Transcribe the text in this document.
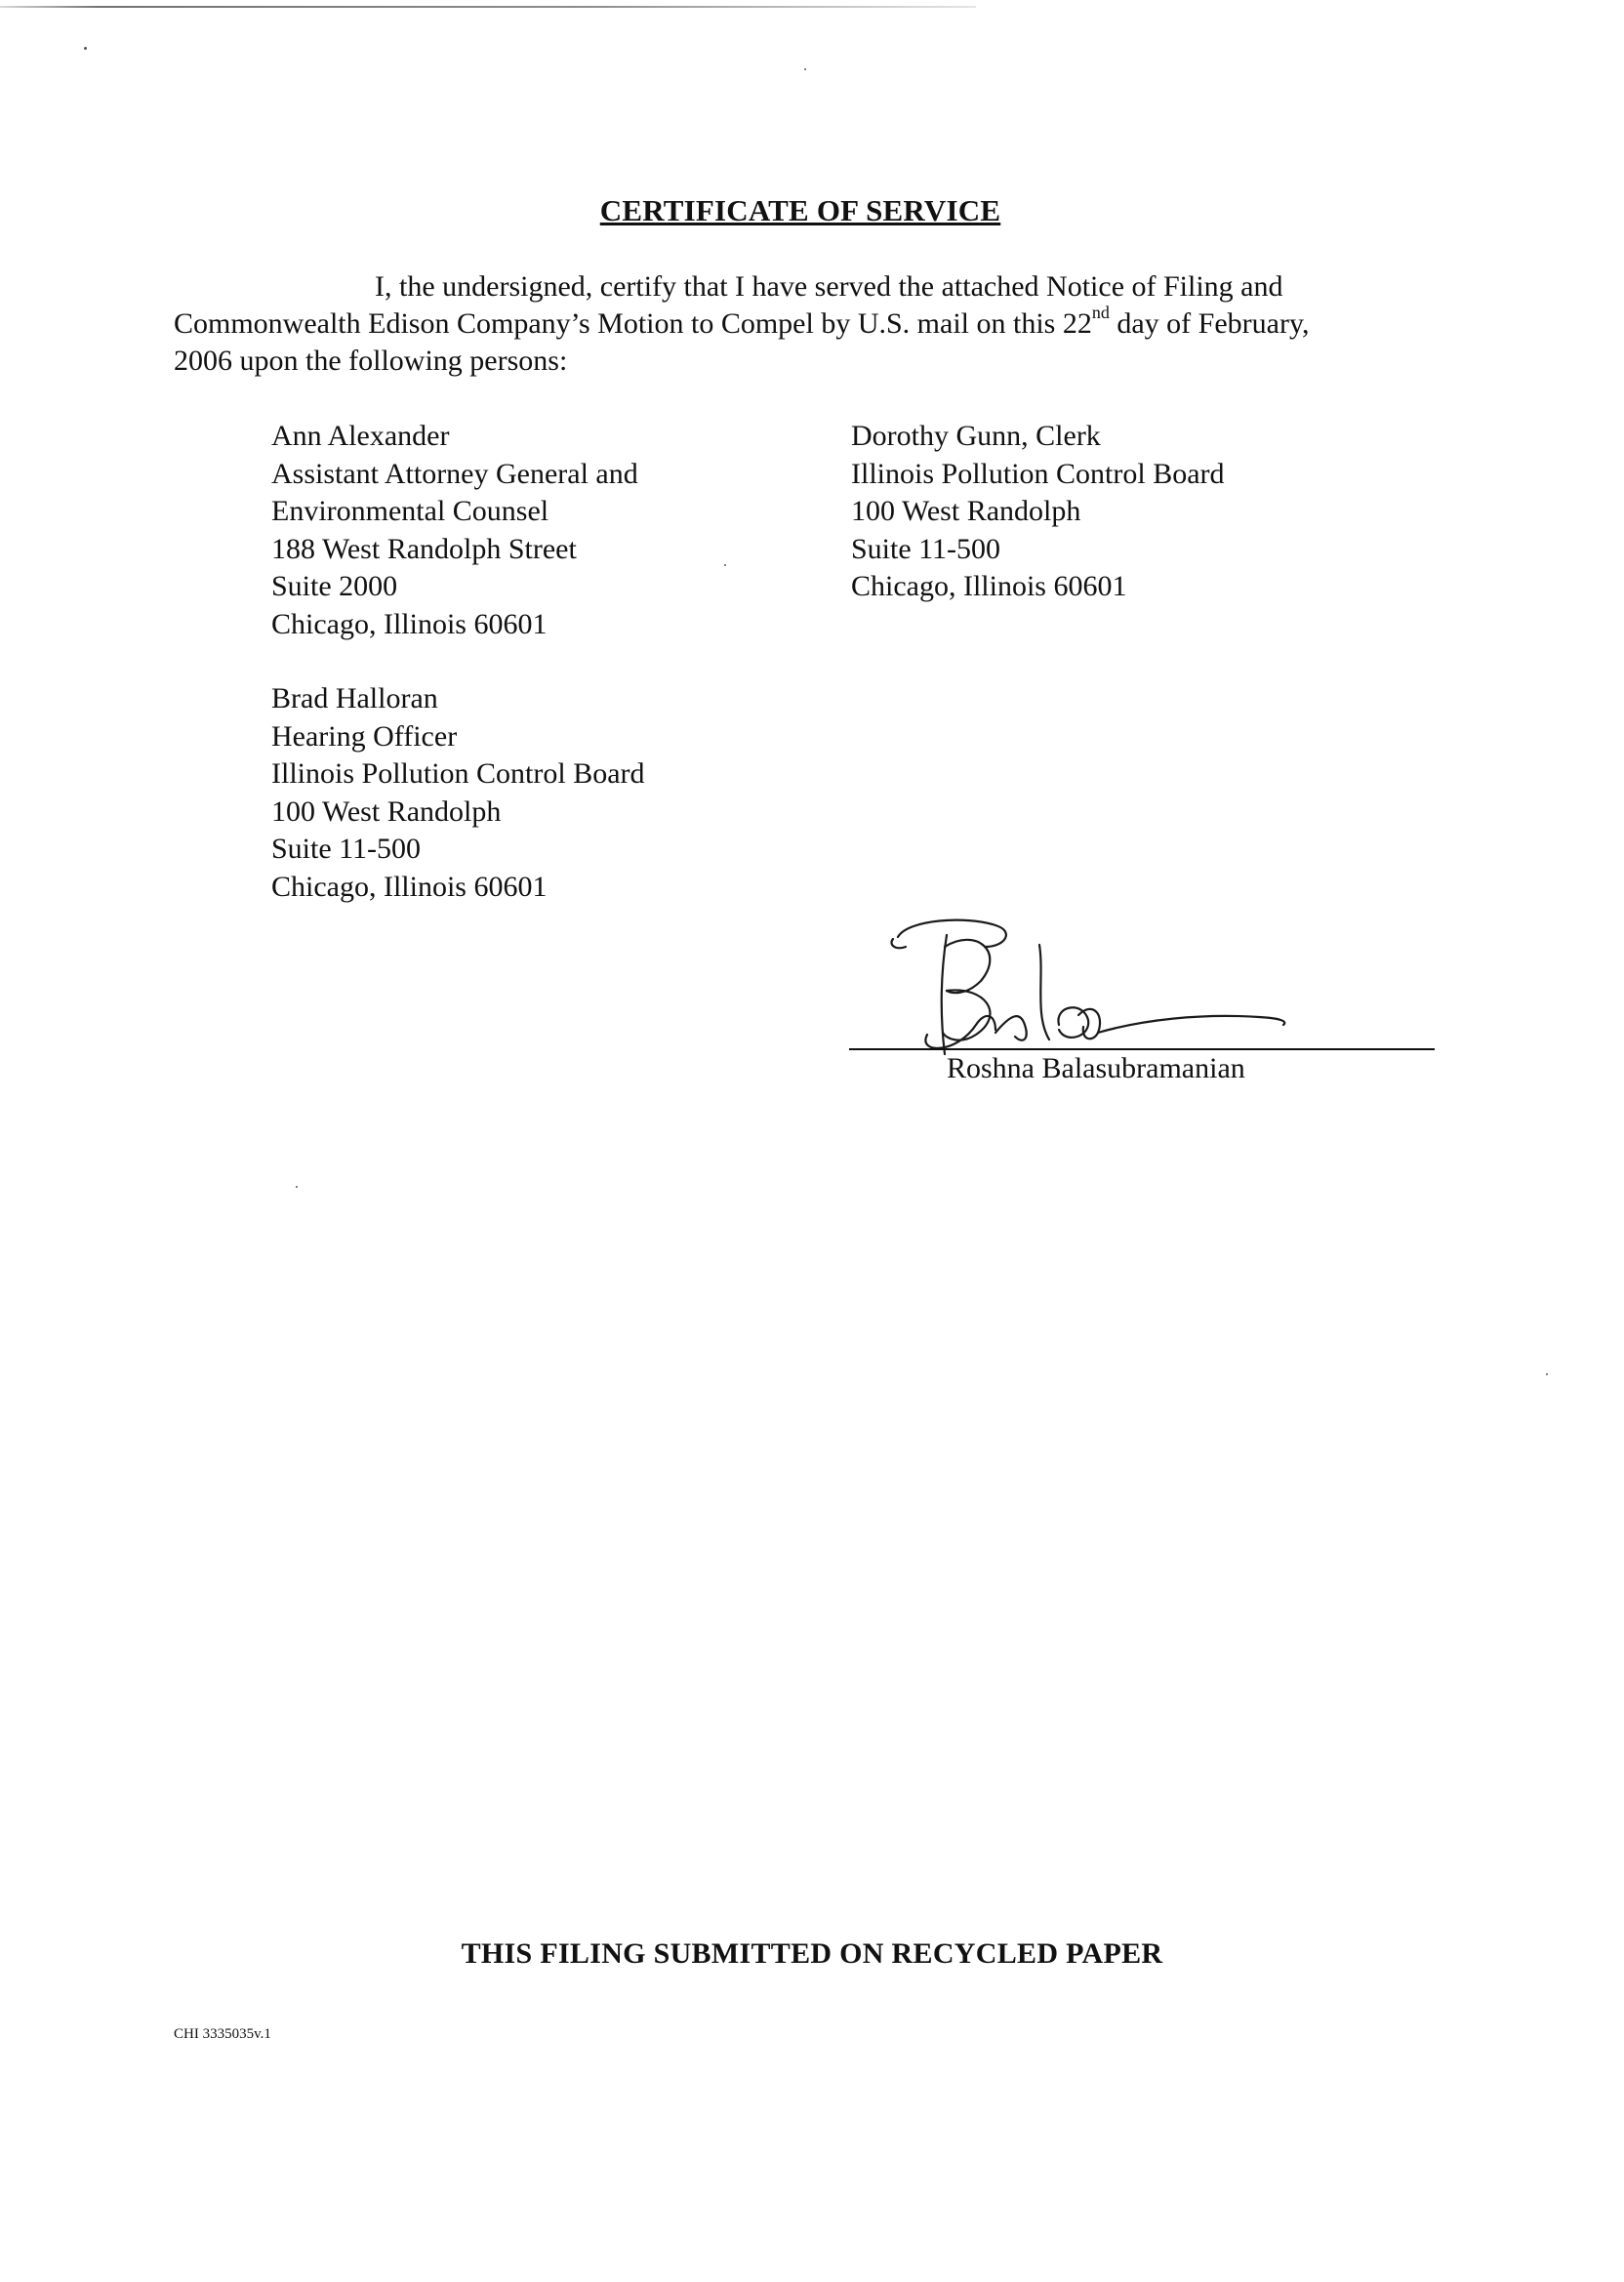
CERTIFICATE OF SERVICE
I, the undersigned, certify that I have served the attached Notice of Filing and
Commonwealth Edison Company’s Motion to Compel by U.S. mail on this 22nd day of February,
2006 upon the following persons:
Ann Alexander
Assistant Attorney General and
Environmental Counsel
188 West Randolph Street
Suite 2000
Chicago, Illinois 60601
Dorothy Gunn, Clerk
Illinois Pollution Control Board
100 West Randolph
Suite 11-500
Chicago, Illinois 60601
Brad Halloran
Hearing Officer
Illinois Pollution Control Board
100 West Randolph
Suite 11-500
Chicago, Illinois 60601
Roshna Balasubramanian
THIS FILING SUBMITTED ON RECYCLED PAPER
CHI 3335035v.1
